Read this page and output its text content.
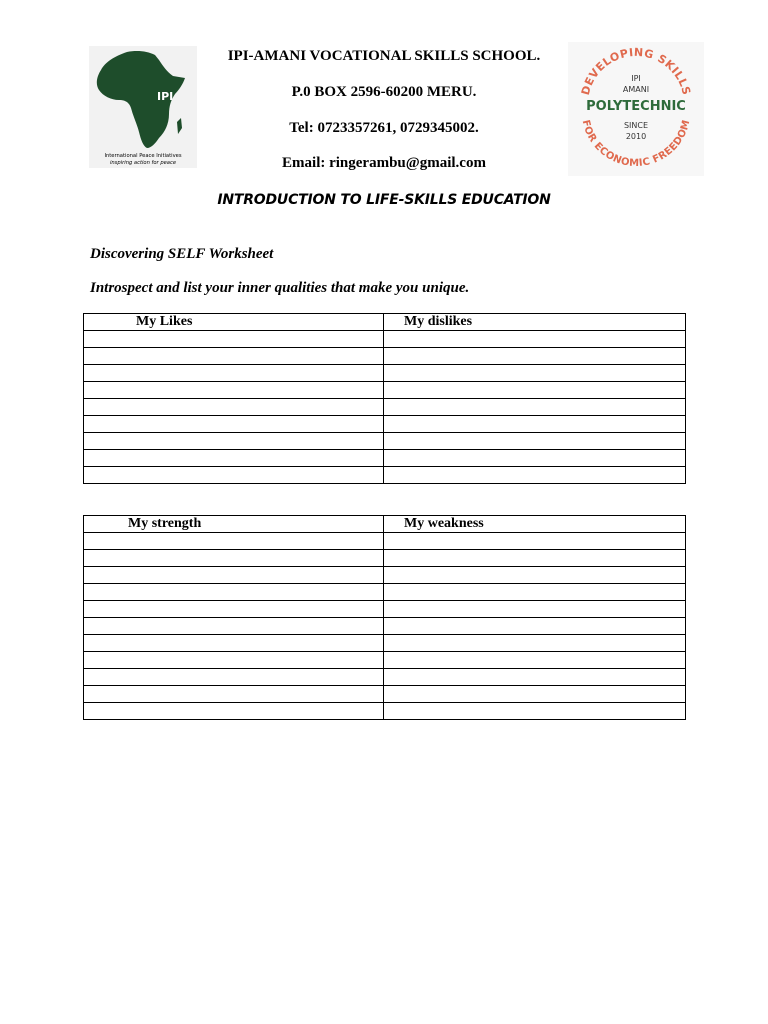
IPI
International Peace Initiatives
inspiring action for peace
IPI-AMANI VOCATIONAL SKILLS SCHOOL.
P.0 BOX 2596-60200 MERU.
Tel: 0723357261, 0729345002.
Email: ringerambu@gmail.com
DEVELOPING SKILLS
FOR ECONOMIC FREEDOM
IPI
AMANI
POLYTECHNIC
SINCE
2010
INTRODUCTION TO LIFE-SKILLS EDUCATION
Discovering SELF Worksheet
Introspect and list your inner qualities that make you unique.
My Likes	My dislikes

My strength	My weakness
